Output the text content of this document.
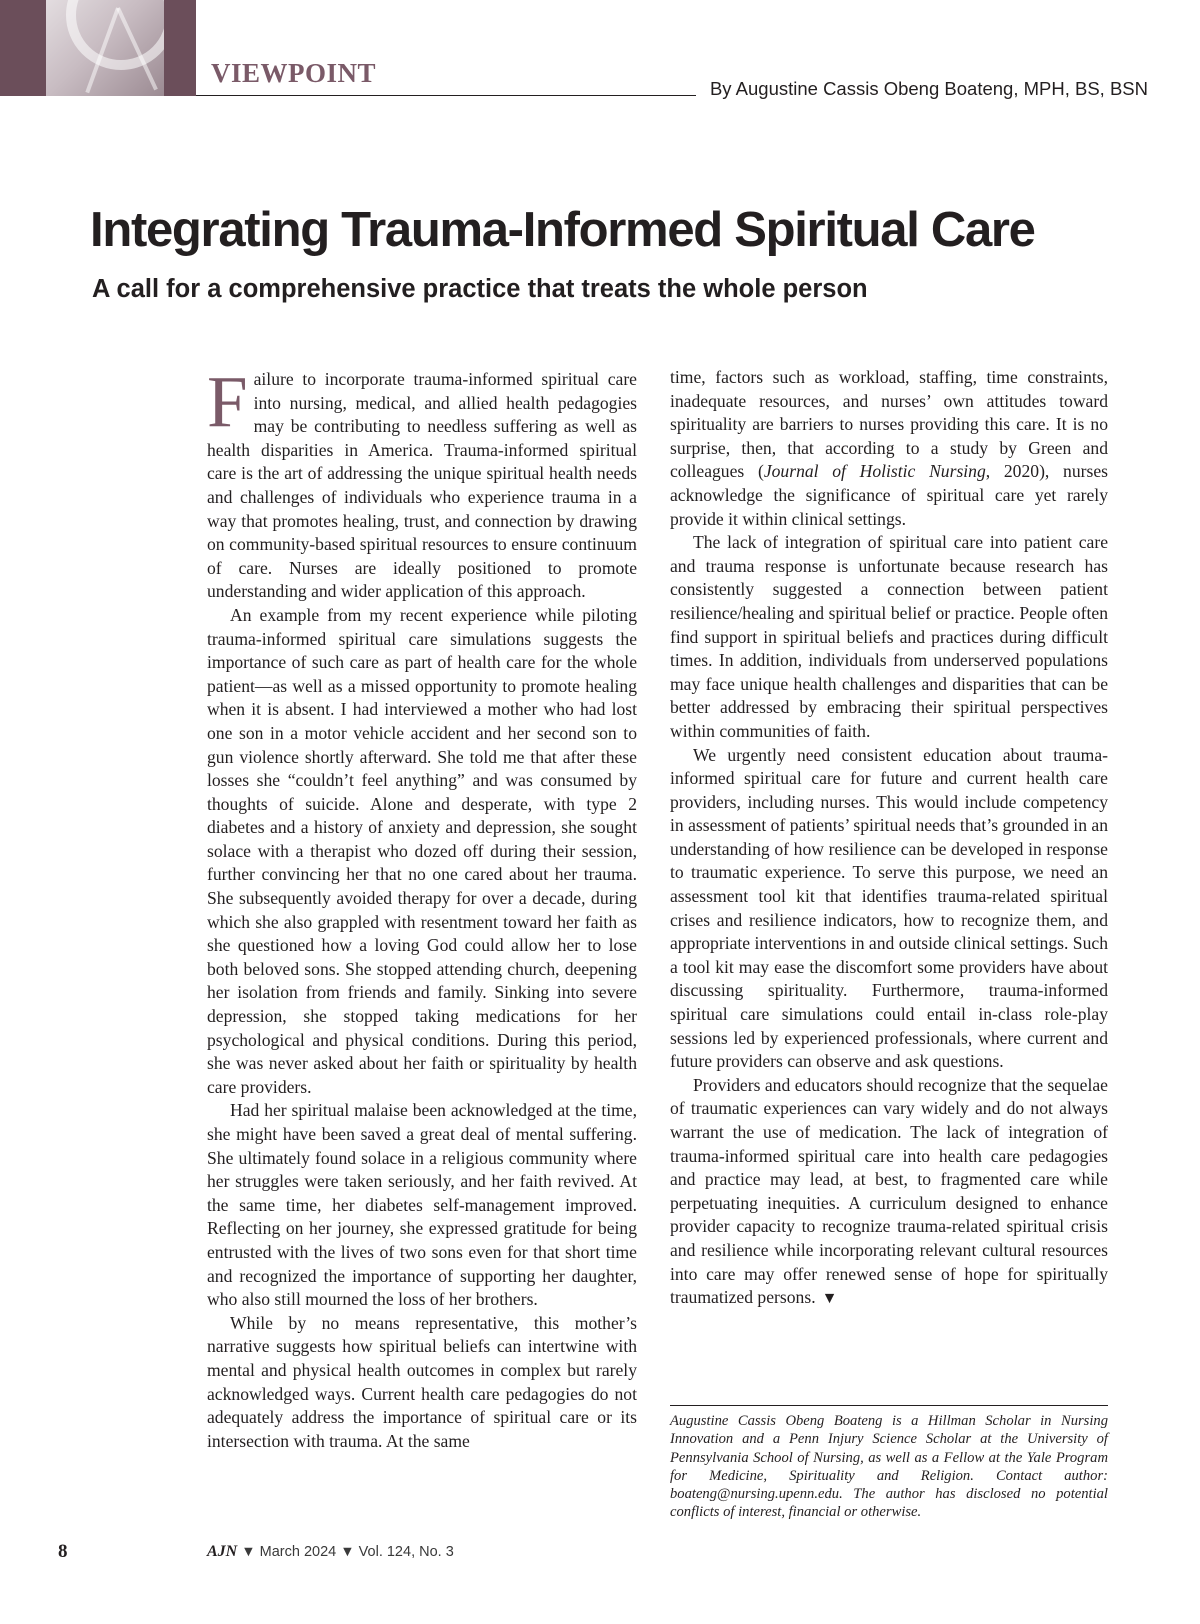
VIEWPOINT
By Augustine Cassis Obeng Boateng, MPH, BS, BSN
Integrating Trauma-Informed Spiritual Care
A call for a comprehensive practice that treats the whole person

Failure to incorporate trauma-informed spiritual care into nursing, medical, and allied health pedagogies may be contributing to needless suffering as well as health disparities in America. Trauma-informed spiritual care is the art of addressing the unique spiritual health needs and challenges of individuals who experience trauma in a way that promotes healing, trust, and connection by drawing on community-based spiritual resources to ensure continuum of care. Nurses are ideally positioned to promote understanding and wider application of this approach.

An example from my recent experience while piloting trauma-informed spiritual care simulations suggests the importance of such care as part of health care for the whole patient—as well as a missed opportunity to promote healing when it is absent. I had interviewed a mother who had lost one son in a motor vehicle accident and her second son to gun violence shortly afterward. She told me that after these losses she “couldn’t feel anything” and was consumed by thoughts of suicide. Alone and desperate, with type 2 diabetes and a history of anxiety and depression, she sought solace with a therapist who dozed off during their session, further convincing her that no one cared about her trauma. She subsequently avoided therapy for over a decade, during which she also grappled with resentment toward her faith as she questioned how a loving God could allow her to lose both beloved sons. She stopped attending church, deepening her isolation from friends and family. Sinking into severe depression, she stopped taking medications for her psychological and physical conditions. During this period, she was never asked about her faith or spirituality by health care providers.

Had her spiritual malaise been acknowledged at the time, she might have been saved a great deal of mental suffering. She ultimately found solace in a religious community where her struggles were taken seriously, and her faith revived. At the same time, her diabetes self-management improved. Reflecting on her journey, she expressed gratitude for being entrusted with the lives of two sons even for that short time and recognized the importance of supporting her daughter, who also still mourned the loss of her brothers.

While by no means representative, this mother’s narrative suggests how spiritual beliefs can intertwine with mental and physical health outcomes in complex but rarely acknowledged ways. Current health care pedagogies do not adequately address the importance of spiritual care or its intersection with trauma. At the same

time, factors such as workload, staffing, time constraints, inadequate resources, and nurses’ own attitudes toward spirituality are barriers to nurses providing this care. It is no surprise, then, that according to a study by Green and colleagues (Journal of Holistic Nursing, 2020), nurses acknowledge the significance of spiritual care yet rarely provide it within clinical settings.

The lack of integration of spiritual care into patient care and trauma response is unfortunate because research has consistently suggested a connection between patient resilience/healing and spiritual belief or practice. People often find support in spiritual beliefs and practices during difficult times. In addition, individuals from underserved populations may face unique health challenges and disparities that can be better addressed by embracing their spiritual perspectives within communities of faith.

We urgently need consistent education about trauma-informed spiritual care for future and current health care providers, including nurses. This would include competency in assessment of patients’ spiritual needs that’s grounded in an understanding of how resilience can be developed in response to traumatic experience. To serve this purpose, we need an assessment tool kit that identifies trauma-related spiritual crises and resilience indicators, how to recognize them, and appropriate interventions in and outside clinical settings. Such a tool kit may ease the discomfort some providers have about discussing spirituality. Furthermore, trauma-informed spiritual care simulations could entail in-class role-play sessions led by experienced professionals, where current and future providers can observe and ask questions.

Providers and educators should recognize that the sequelae of traumatic experiences can vary widely and do not always warrant the use of medication. The lack of integration of trauma-informed spiritual care into health care pedagogies and practice may lead, at best, to fragmented care while perpetuating inequities. A curriculum designed to enhance provider capacity to recognize trauma-related spiritual crisis and resilience while incorporating relevant cultural resources into care may offer renewed sense of hope for spiritually traumatized persons. ▼

Augustine Cassis Obeng Boateng is a Hillman Scholar in Nursing Innovation and a Penn Injury Science Scholar at the University of Pennsylvania School of Nursing, as well as a Fellow at the Yale Program for Medicine, Spirituality and Religion. Contact author: boateng@nursing.upenn.edu. The author has disclosed no potential conflicts of interest, financial or otherwise.

8	AJN ▼ March 2024 ▼ Vol. 124, No. 3
